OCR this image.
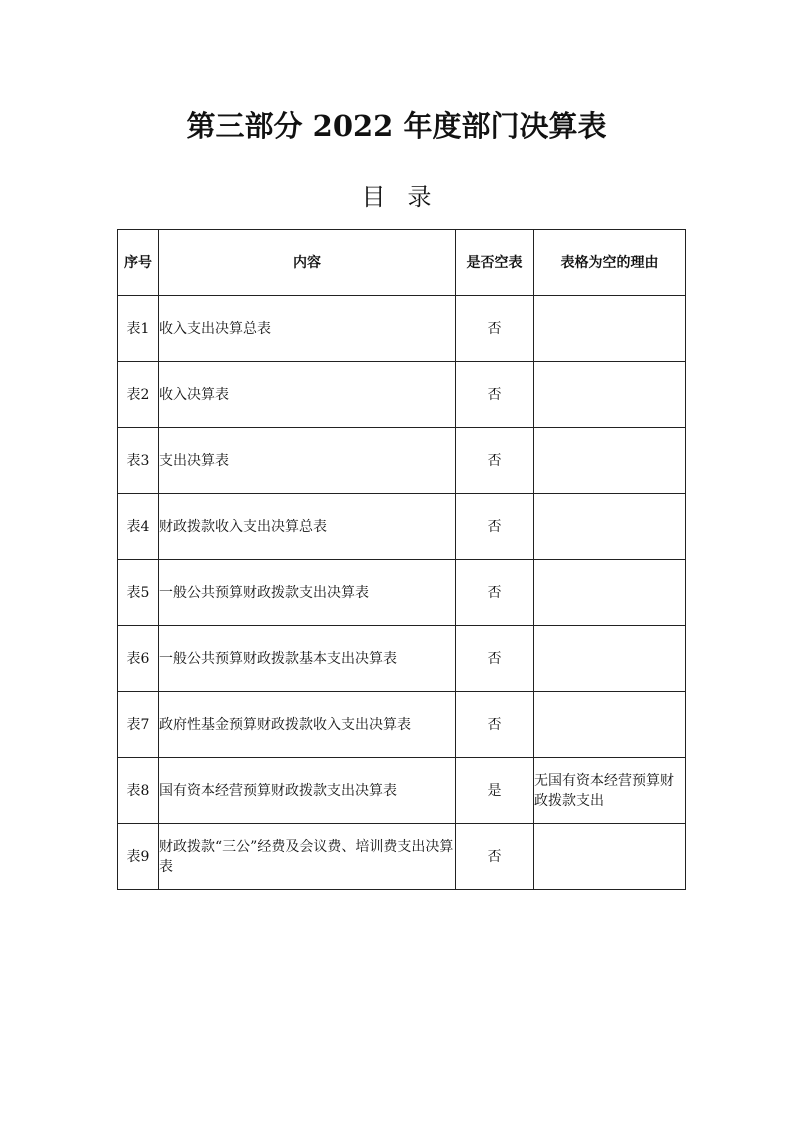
第三部分 2022 年度部门决算表
目录
序号	内容	是否空表	表格为空的理由
表1	收入支出决算总表	否	
表2	收入决算表	否	
表3	支出决算表	否	
表4	财政拨款收入支出决算总表	否	
表5	一般公共预算财政拨款支出决算表	否	
表6	一般公共预算财政拨款基本支出决算表	否	
表7	政府性基金预算财政拨款收入支出决算表	否	
表8	国有资本经营预算财政拨款支出决算表	是	无国有资本经营预算财政拨款支出
表9	财政拨款“三公”经费及会议费、培训费支出决算表	否	
